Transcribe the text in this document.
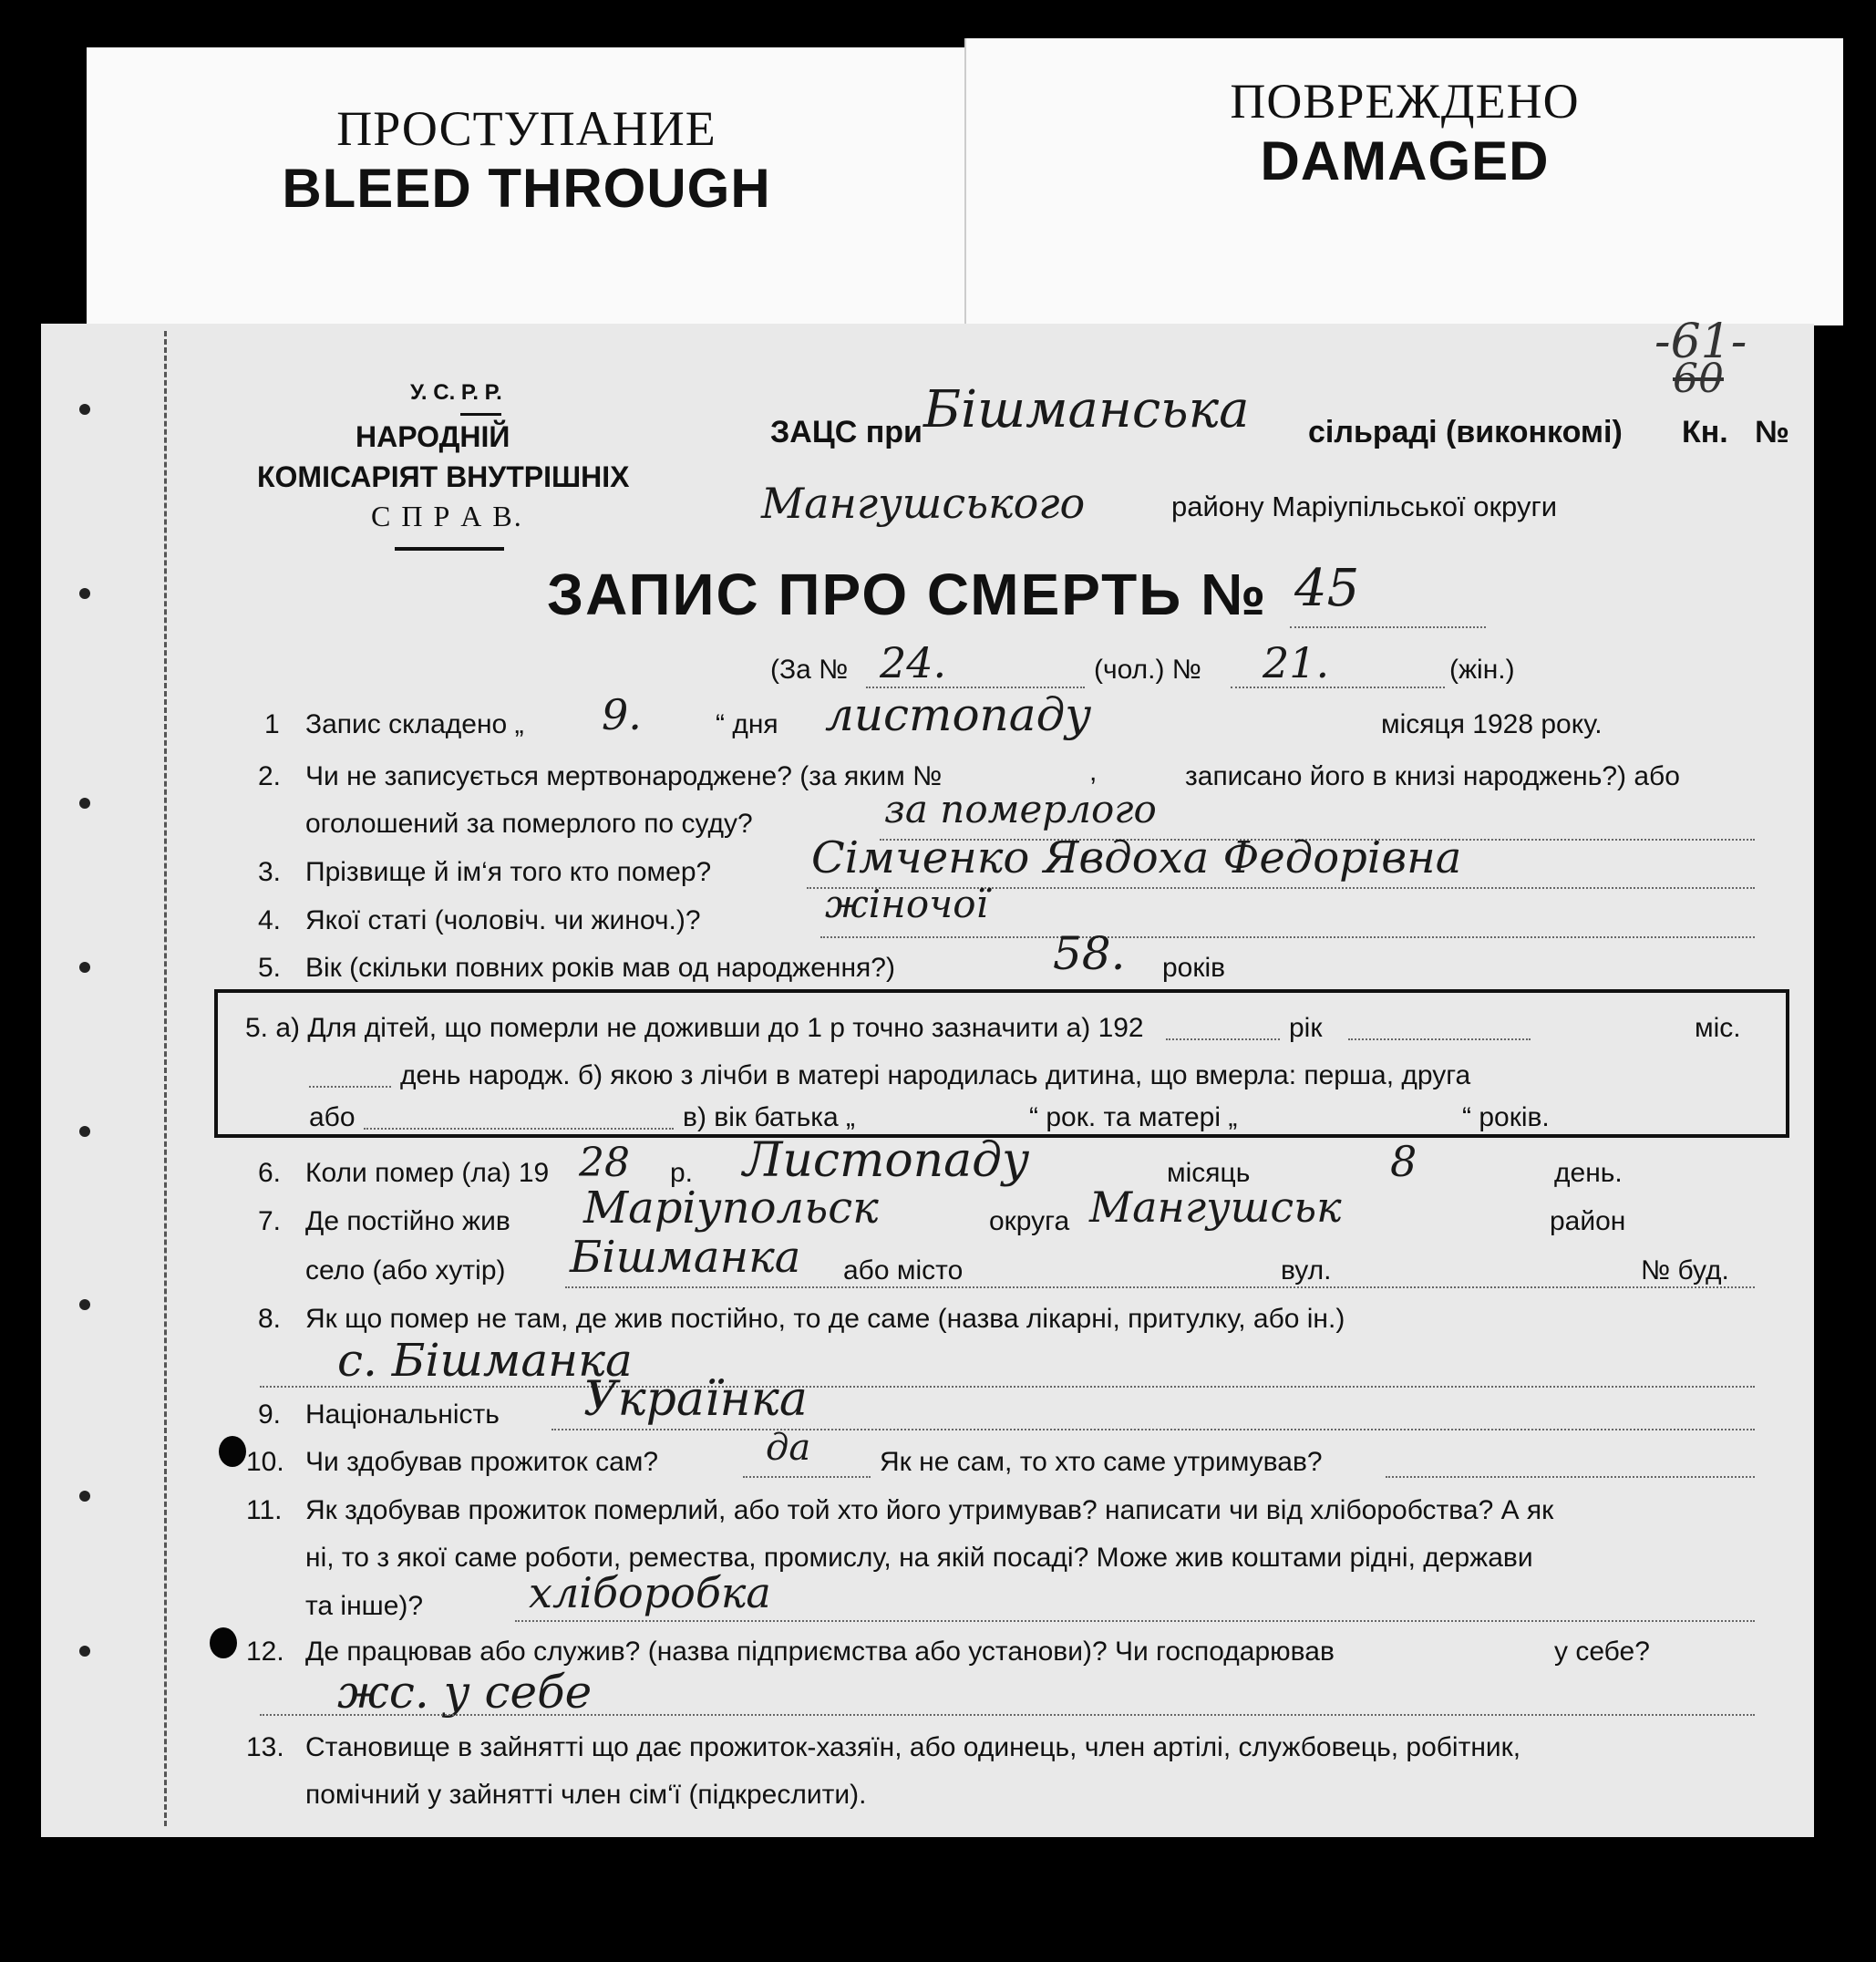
ПРОСТУПАНИЕ
BLEED THROUGH
ПОВРЕЖДЕНО
DAMAGED
У. С. Р. Р.
НАРОДНІЙ
КОМІСАРІЯТ ВНУТРІШНІХ
С П Р А В.
ЗАЦС при Бішманська сільраді (виконкомі) Кн. №
-61-
60
Мангушського	району Маріупільської округи
ЗАПИС ПРО СМЕРТЬ № 45
(За № 24.	(чол.) № 21.	(жін.)
1 Запис складено „ 9.	“ дня листопаду	місяця 1928 року.
2. Чи не записується мертвонароджене? (за яким №	,	записано його в книзі народжень?) або
оголошений за померлого по суду?	за померлого
3. Прізвище й ім‘я того кто помер? Сімченко Явдоха Федорівна
4. Якої статі (чоловіч. чи жиноч.)?	жіночої
5. Вік (скільки повних років мав од народження?)	58. років
5. а) Для дітей, що померли не доживши до 1 р точно зазначити а) 192	рік	міс.
день народж. б) якою з лічби в матері народилась дитина, що вмерла: перша, друга
або	в) вік батька „	“ рок. та матері „	“ років.
6. Коли помер (ла) 19 28 р. Листопаду	місяць	8	день.
7. Де постійно жив Маріупольск	округа Мангушськ	район
село (або хутір) Бішманка або місто	вул.	№ буд.
8. Як що помер не там, де жив постійно, то де саме (назва лікарні, притулку, або ін.)
с. Бішманка
9. Національність Українка
10. Чи здобував прожиток сам?	да	Як не сам, то хто саме утримував?
11. Як здобував прожиток померлий, або той хто його утримував? написати чи від хліборобства? А як
ні, то з якої саме роботи, ремества, промислу, на якій посаді? Може жив коштами рідні, держави
та інше)?	хліборобка
12. Де працював або служив? (назва підприємства або установи)? Чи господарював	у себе?
жс. у себе
13. Становище в зайнятті що дає прожиток-хазяїн, або одинець, член артілі, службовець, робітник,
помічний у зайнятті член сім‘ї (підкреслити).
